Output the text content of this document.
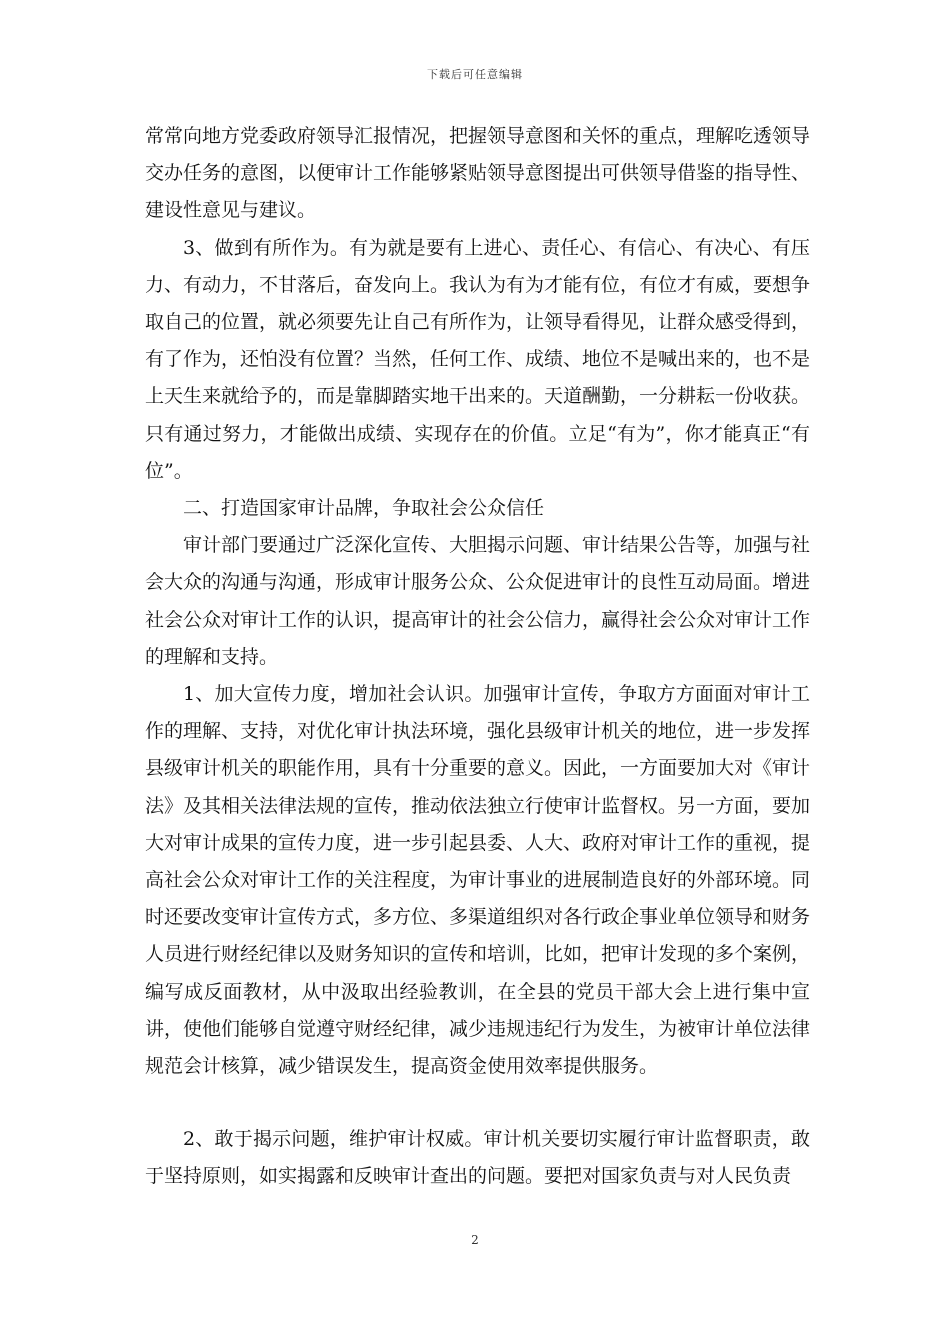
下载后可任意编辑

常常向地方党委政府领导汇报情况，把握领导意图和关怀的重点，理解吃透领导交办任务的意图，以便审计工作能够紧贴领导意图提出可供领导借鉴的指导性、建设性意见与建议。

3、做到有所作为。有为就是要有上进心、责任心、有信心、有决心、有压力、有动力，不甘落后，奋发向上。我认为有为才能有位，有位才有威，要想争取自己的位置，就必须要先让自己有所作为，让领导看得见，让群众感受得到，有了作为，还怕没有位置？当然，任何工作、成绩、地位不是喊出来的，也不是上天生来就给予的，而是靠脚踏实地干出来的。天道酬勤，一分耕耘一份收获。只有通过努力，才能做出成绩、实现存在的价值。立足“有为”，你才能真正“有位”。

二、打造国家审计品牌，争取社会公众信任

审计部门要通过广泛深化宣传、大胆揭示问题、审计结果公告等，加强与社会大众的沟通与沟通，形成审计服务公众、公众促进审计的良性互动局面。增进社会公众对审计工作的认识，提高审计的社会公信力，赢得社会公众对审计工作的理解和支持。

1、加大宣传力度，增加社会认识。加强审计宣传，争取方方面面对审计工作的理解、支持，对优化审计执法环境，强化县级审计机关的地位，进一步发挥县级审计机关的职能作用，具有十分重要的意义。因此，一方面要加大对《审计法》及其相关法律法规的宣传，推动依法独立行使审计监督权。另一方面，要加大对审计成果的宣传力度，进一步引起县委、人大、政府对审计工作的重视，提高社会公众对审计工作的关注程度，为审计事业的进展制造良好的外部环境。同时还要改变审计宣传方式，多方位、多渠道组织对各行政企事业单位领导和财务人员进行财经纪律以及财务知识的宣传和培训，比如，把审计发现的多个案例，编写成反面教材，从中汲取出经验教训，在全县的党员干部大会上进行集中宣讲，使他们能够自觉遵守财经纪律，减少违规违纪行为发生，为被审计单位法律规范会计核算，减少错误发生，提高资金使用效率提供服务。

2、敢于揭示问题，维护审计权威。审计机关要切实履行审计监督职责，敢于坚持原则，如实揭露和反映审计查出的问题。要把对国家负责与对人民负责

2
